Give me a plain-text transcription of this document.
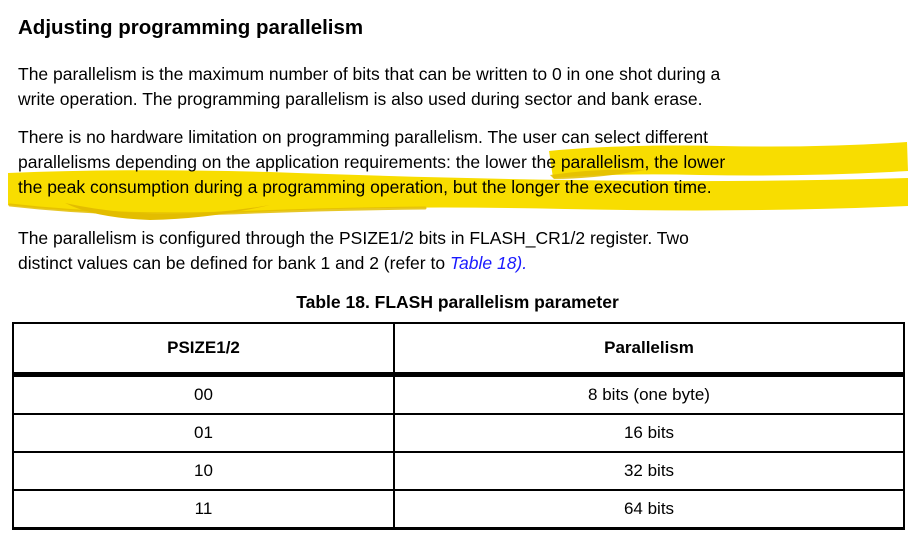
Adjusting programming parallelism
The parallelism is the maximum number of bits that can be written to 0 in one shot during a
write operation. The programming parallelism is also used during sector and bank erase.
There is no hardware limitation on programming parallelism. The user can select different
parallelisms depending on the application requirements: the lower the parallelism, the lower
the peak consumption during a programming operation, but the longer the execution time.
The parallelism is configured through the PSIZE1/2 bits in FLASH_CR1/2 register. Two
distinct values can be defined for bank 1 and 2 (refer to Table 18).
Table 18. FLASH parallelism parameter
PSIZE1/2	Parallelism
00	8 bits (one byte)
01	16 bits
10	32 bits
11	64 bits
